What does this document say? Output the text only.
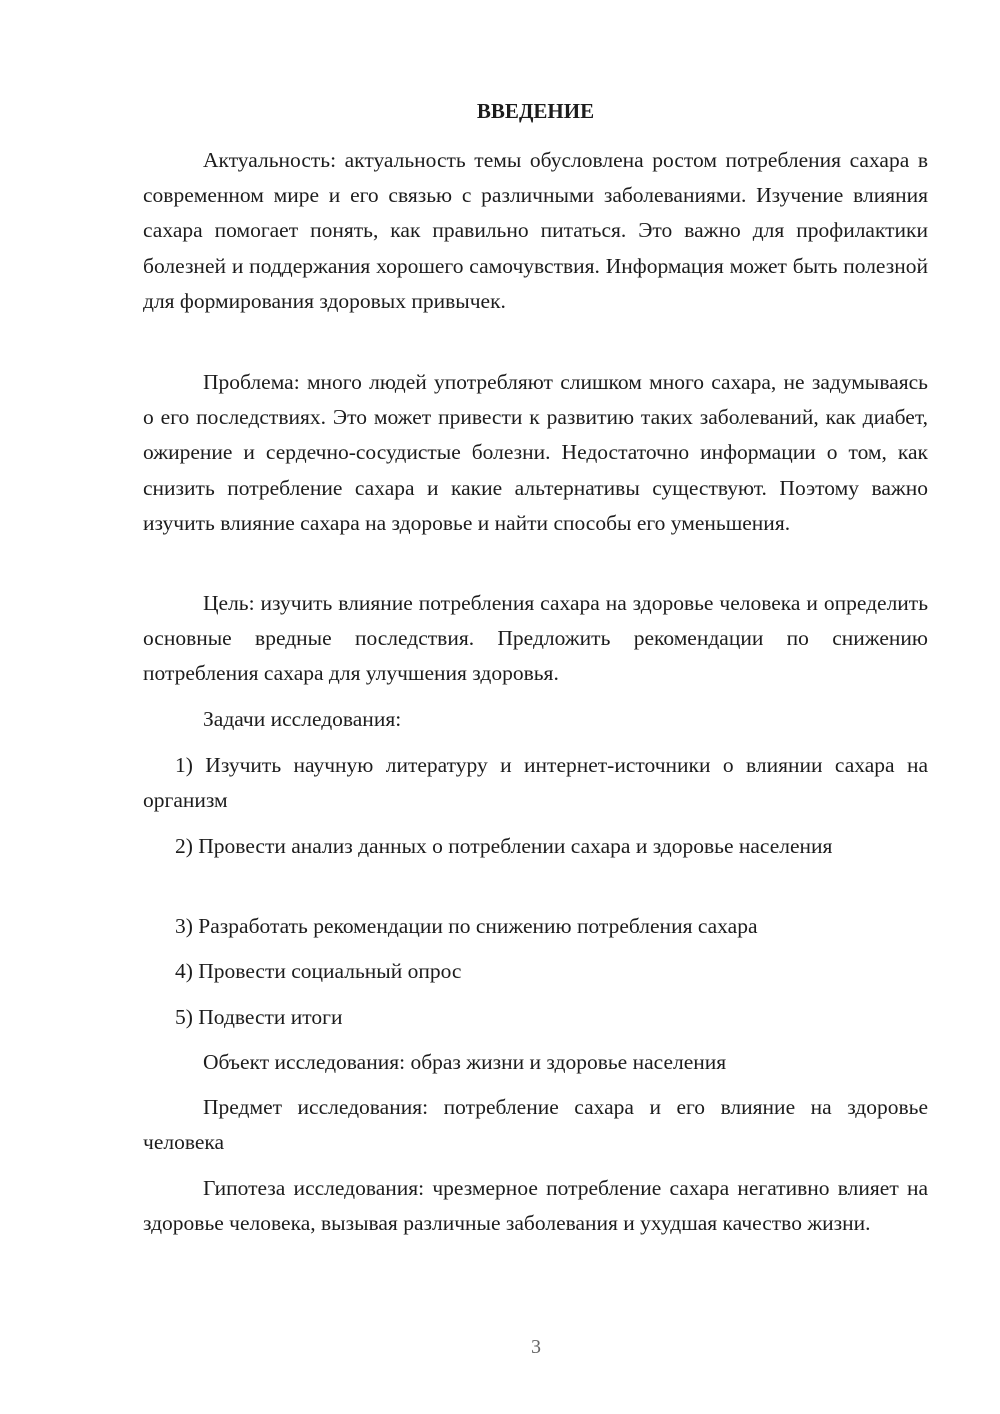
ВВЕДЕНИЕ

Актуальность: актуальность темы обусловлена ростом потребления сахара в современном мире и его связью с различными заболеваниями. Изучение влияния сахара помогает понять, как правильно питаться. Это важно для профилактики болезней и поддержания хорошего самочувствия. Информация может быть полезной для формирования здоровых привычек.

Проблема: много людей употребляют слишком много сахара, не задумываясь о его последствиях. Это может привести к развитию таких заболеваний, как диабет, ожирение и сердечно-сосудистые болезни. Недостаточно информации о том, как снизить потребление сахара и какие альтернативы существуют. Поэтому важно изучить влияние сахара на здоровье и найти способы его уменьшения.

Цель: изучить влияние потребления сахара на здоровье человека и определить основные вредные последствия. Предложить рекомендации по снижению потребления сахара для улучшения здоровья.

Задачи исследования:

1) Изучить научную литературу и интернет-источники о влиянии сахара на организм

2) Провести анализ данных о потреблении сахара и здоровье населения

3) Разработать рекомендации по снижению потребления сахара

4) Провести социальный опрос

5) Подвести итоги

Объект исследования: образ жизни и здоровье населения

Предмет исследования: потребление сахара и его влияние на здоровье человека

Гипотеза исследования: чрезмерное потребление сахара негативно влияет на здоровье человека, вызывая различные заболевания и ухудшая качество жизни.

3
